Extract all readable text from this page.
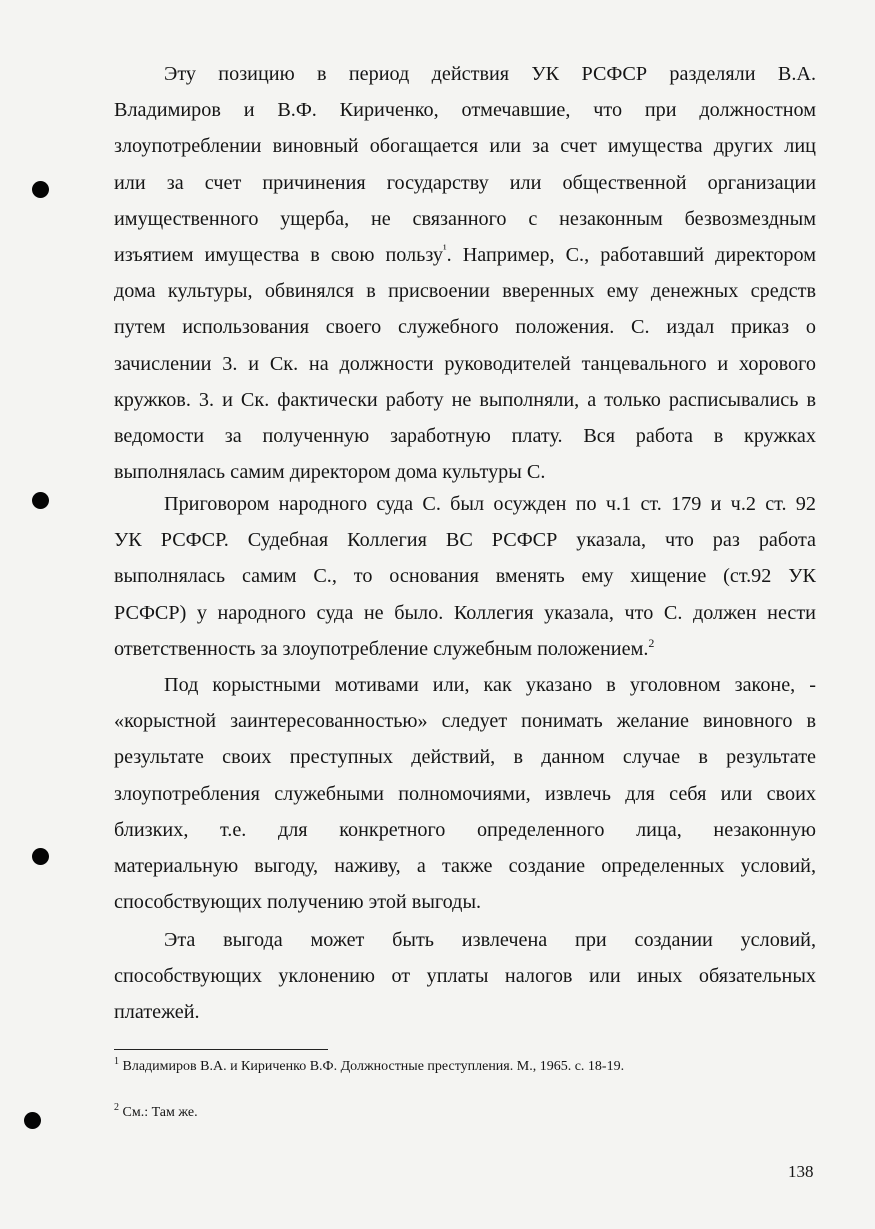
Эту позицию в период действия УК РСФСР разделяли В.А.
Владимиров и В.Ф. Кириченко, отмечавшие, что при должностном
злоупотреблении виновный обогащается или за счет имущества других лиц
или за счет причинения государству или общественной организации
имущественного ущерба, не связанного с незаконным безвозмездным
изъятием имущества в свою пользу$^{^1}$. Например, С., работавший директором
дома культуры, обвинялся в присвоении вверенных ему денежных средств
путем использования своего служебного положения. С. издал приказ о
зачислении 3. и Ск. на должности руководителей танцевального и хорового
кружков. 3. и Ск. фактически работу не выполняли, а только расписывались в
ведомости за полученную заработную плату. Вся работа в кружках
выполнялась самим директором дома культуры С.
Приговором народного суда С. был осужден по ч.1 ст. 179 и ч.2 ст. 92
УК РСФСР. Судебная Коллегия ВС РСФСР указала, что раз работа
выполнялась самим С., то основания вменять ему хищение (ст.92 УК
РСФСР) у народного суда не было. Коллегия указала, что С. должен нести
ответственность за злоупотребление служебным положением.$^2$
Под корыстными мотивами или, как указано в уголовном законе, -
«корыстной заинтересованностью» следует понимать желание виновного в
результате своих преступных действий, в данном случае в результате
злоупотребления служебными полномочиями, извлечь для себя или своих
близких, т.е. для конкретного определенного лица, незаконную
материальную выгоду, наживу, а также создание определенных условий,
способствующих получению этой выгоды.
Эта выгода может быть извлечена при создании условий,
способствующих уклонению от уплаты налогов или иных обязательных
платежей.
$^1$ Владимиров В.А. и Кириченко В.Ф. Должностные преступления. М., 1965. с. 18-19.
$^2$ См.: Там же.
138
